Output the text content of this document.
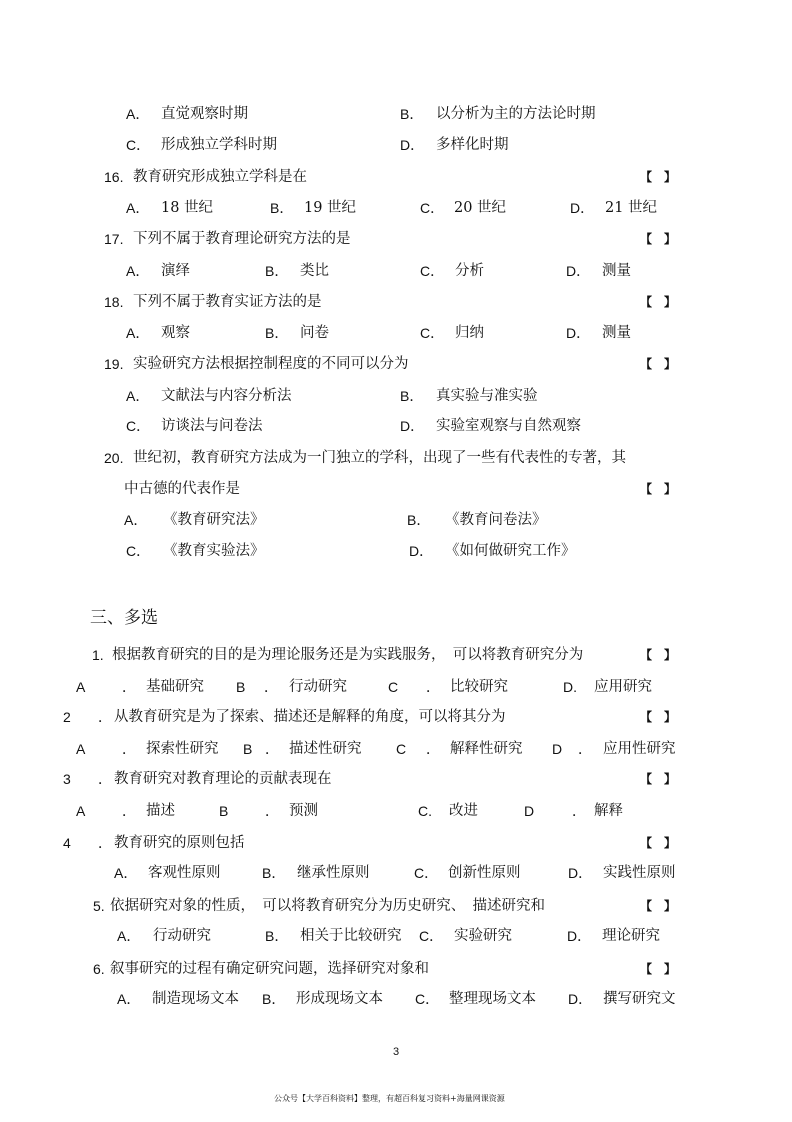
A． 直觉观察时期	B． 以分析为主的方法论时期
C． 形成独立学科时期	D． 多样化时期
16. 教育研究形成独立学科是在	【　】
A． 18 世纪	B． 19 世纪	C． 20 世纪	D． 21 世纪
17. 下列不属于教育理论研究方法的是	【　】
A． 演绎	B． 类比	C． 分析	D． 测量
18. 下列不属于教育实证方法的是	【　】
A． 观察	B． 问卷	C． 归纳	D． 测量
19. 实验研究方法根据控制程度的不同可以分为	【　】
A． 文献法与内容分析法	B． 真实验与准实验
C． 访谈法与问卷法	D． 实验室观察与自然观察
20. 世纪初，教育研究方法成为一门独立的学科，出现了一些有代表性的专著，其
中古德的代表作是	【　】
A． 《教育研究法》	B． 《教育问卷法》
C． 《教育实验法》	D． 《如何做研究工作》
三、多选
1. 根据教育研究的目的是为理论服务还是为实践服务，　可以将教育研究分为	【　】
A	． 基础研究 B ． 行动研究	C ． 比较研究	D. 应用研究
2 ． 从教育研究是为了探索、描述还是解释的角度，可以将其分为	【　】
A	． 探索性研究 B ． 描述性研究 C ． 解释性研究 D ． 应用性研究
3 ． 教育研究对教育理论的贡献表现在	【　】
A	． 描述	B	． 预测	C. 改进	D	． 解释
4 ． 教育研究的原则包括	【　】
A． 客观性原则	B． 继承性原则	C． 创新性原则	D． 实践性原则
5. 依据研究对象的性质，　可以将教育研究分为历史研究、　描述研究和	【　】
A． 行动研究	B． 相关于比较研究 C． 实验研究	D． 理论研究
6. 叙事研究的过程有确定研究问题，选择研究对象和	【　】
A． 制造现场文本 B． 形成现场文本 C． 整理现场文本 D． 撰写研究文
3
公众号【大学百科资料】整理，有超百科复习资料+海量网课资源
